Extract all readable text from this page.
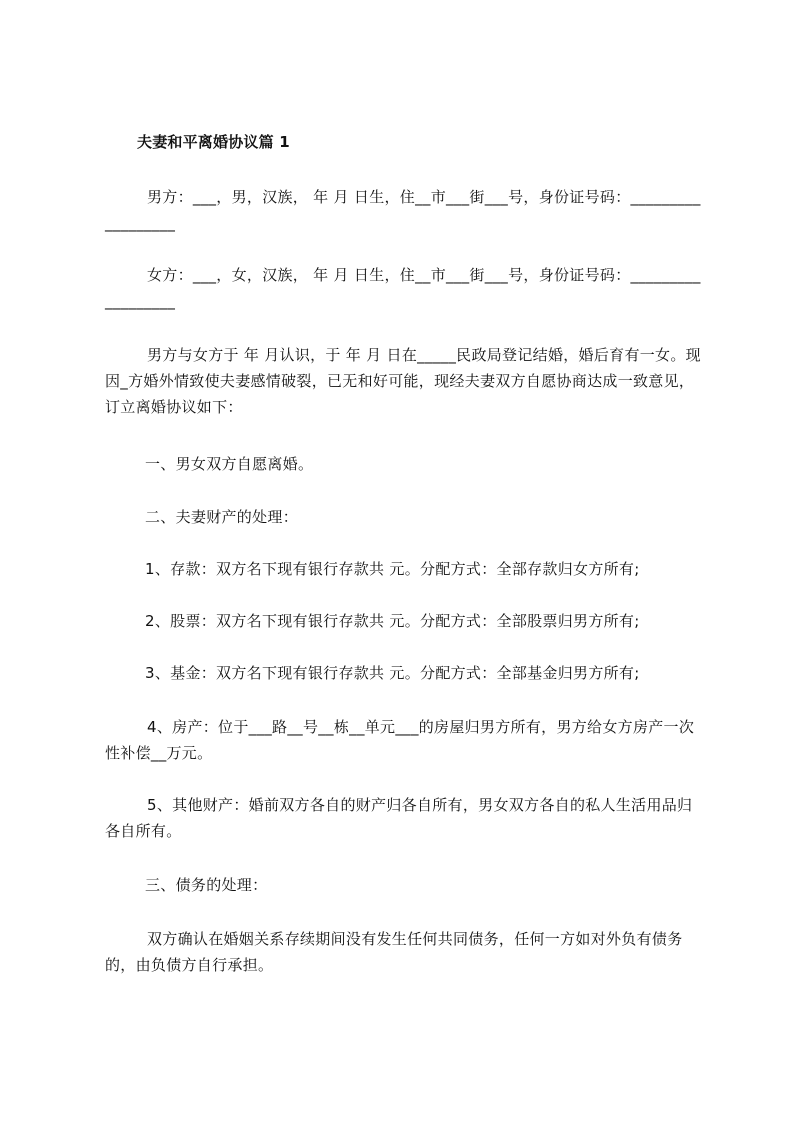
夫妻和平离婚协议篇 1
男方：___，男，汉族， 年 月 日生，住__市___街___号，身份证号码：__________________
女方：___，女，汉族， 年 月 日生，住__市___街___号，身份证号码：__________________
男方与女方于 年 月认识，于 年 月 日在_____民政局登记结婚，婚后育有一女。现因_方婚外情致使夫妻感情破裂，已无和好可能，现经夫妻双方自愿协商达成一致意见，订立离婚协议如下：
一、男女双方自愿离婚。
二、夫妻财产的处理：
1、存款：双方名下现有银行存款共 元。分配方式：全部存款归女方所有;
2、股票：双方名下现有银行存款共 元。分配方式：全部股票归男方所有;
3、基金：双方名下现有银行存款共 元。分配方式：全部基金归男方所有;
4、房产：位于___路__号__栋__单元___的房屋归男方所有，男方给女方房产一次性补偿__万元。
5、其他财产：婚前双方各自的财产归各自所有，男女双方各自的私人生活用品归各自所有。
三、债务的处理：
双方确认在婚姻关系存续期间没有发生任何共同债务，任何一方如对外负有债务的，由负债方自行承担。
